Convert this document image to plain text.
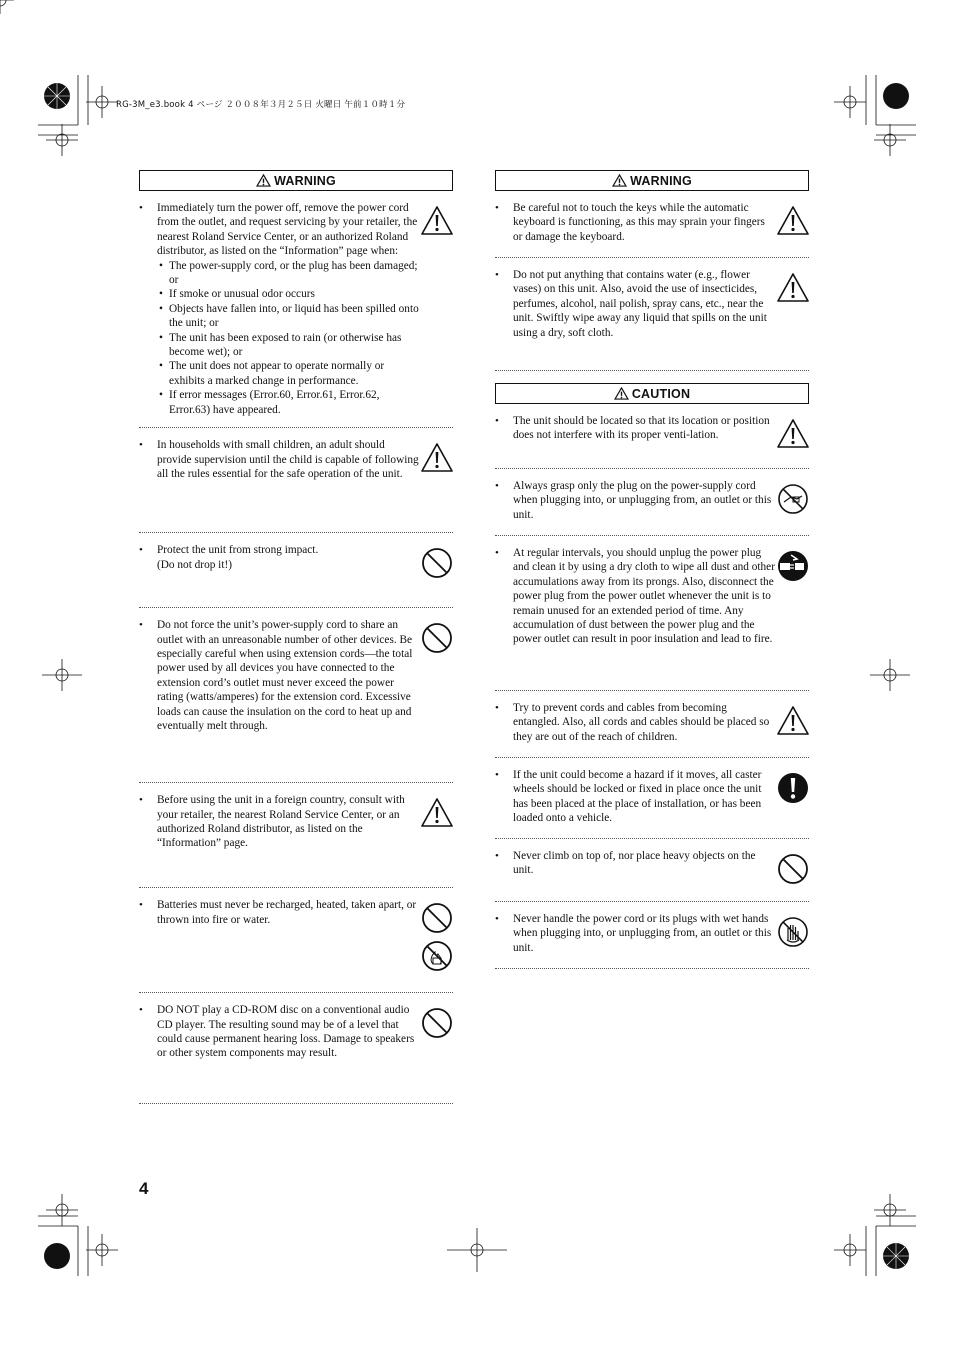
RG-3M_e3.book 4 ページ ２００８年３月２５日 火曜日 午前１０時１分
WARNING
• Immediately turn the power off, remove the power cord from the outlet, and request servicing by your retailer, the nearest Roland Service Center, or an authorized Roland distributor, as listed on the “Information” page when:
• The power-supply cord, or the plug has been damaged; or
• If smoke or unusual odor occurs
• Objects have fallen into, or liquid has been spilled onto the unit; or
• The unit has been exposed to rain (or otherwise has become wet); or
• The unit does not appear to operate normally or exhibits a marked change in performance.
• If error messages (Error.60, Error.61, Error.62, Error.63) have appeared.
• In households with small children, an adult should provide supervision until the child is capable of following all the rules essential for the safe operation of the unit.
• Protect the unit from strong impact.
(Do not drop it!)
• Do not force the unit’s power-supply cord to share an outlet with an unreasonable number of other devices. Be especially careful when using extension cords—the total power used by all devices you have connected to the extension cord’s outlet must never exceed the power rating (watts/amperes) for the extension cord. Excessive loads can cause the insulation on the cord to heat up and eventually melt through.
• Before using the unit in a foreign country, consult with your retailer, the nearest Roland Service Center, or an authorized Roland distributor, as listed on the “Information” page.
• Batteries must never be recharged, heated, taken apart, or thrown into fire or water.
• DO NOT play a CD-ROM disc on a conventional audio CD player. The resulting sound may be of a level that could cause permanent hearing loss. Damage to speakers or other system components may result.
WARNING
• Be careful not to touch the keys while the automatic keyboard is functioning, as this may sprain your fingers or damage the keyboard.
• Do not put anything that contains water (e.g., flower vases) on this unit. Also, avoid the use of insecticides, perfumes, alcohol, nail polish, spray cans, etc., near the unit. Swiftly wipe away any liquid that spills on the unit using a dry, soft cloth.
CAUTION
• The unit should be located so that its location or position does not interfere with its proper venti-lation.
• Always grasp only the plug on the power-supply cord when plugging into, or unplugging from, an outlet or this unit.
• At regular intervals, you should unplug the power plug and clean it by using a dry cloth to wipe all dust and other accumulations away from its prongs. Also, disconnect the power plug from the power outlet whenever the unit is to remain unused for an extended period of time. Any accumulation of dust between the power plug and the power outlet can result in poor insulation and lead to fire.
• Try to prevent cords and cables from becoming entangled. Also, all cords and cables should be placed so they are out of the reach of children.
• If the unit could become a hazard if it moves, all caster wheels should be locked or fixed in place once the unit has been placed at the place of installation, or has been loaded onto a vehicle.
• Never climb on top of, nor place heavy objects on the unit.
• Never handle the power cord or its plugs with wet hands when plugging into, or unplugging from, an outlet or this unit.
4
